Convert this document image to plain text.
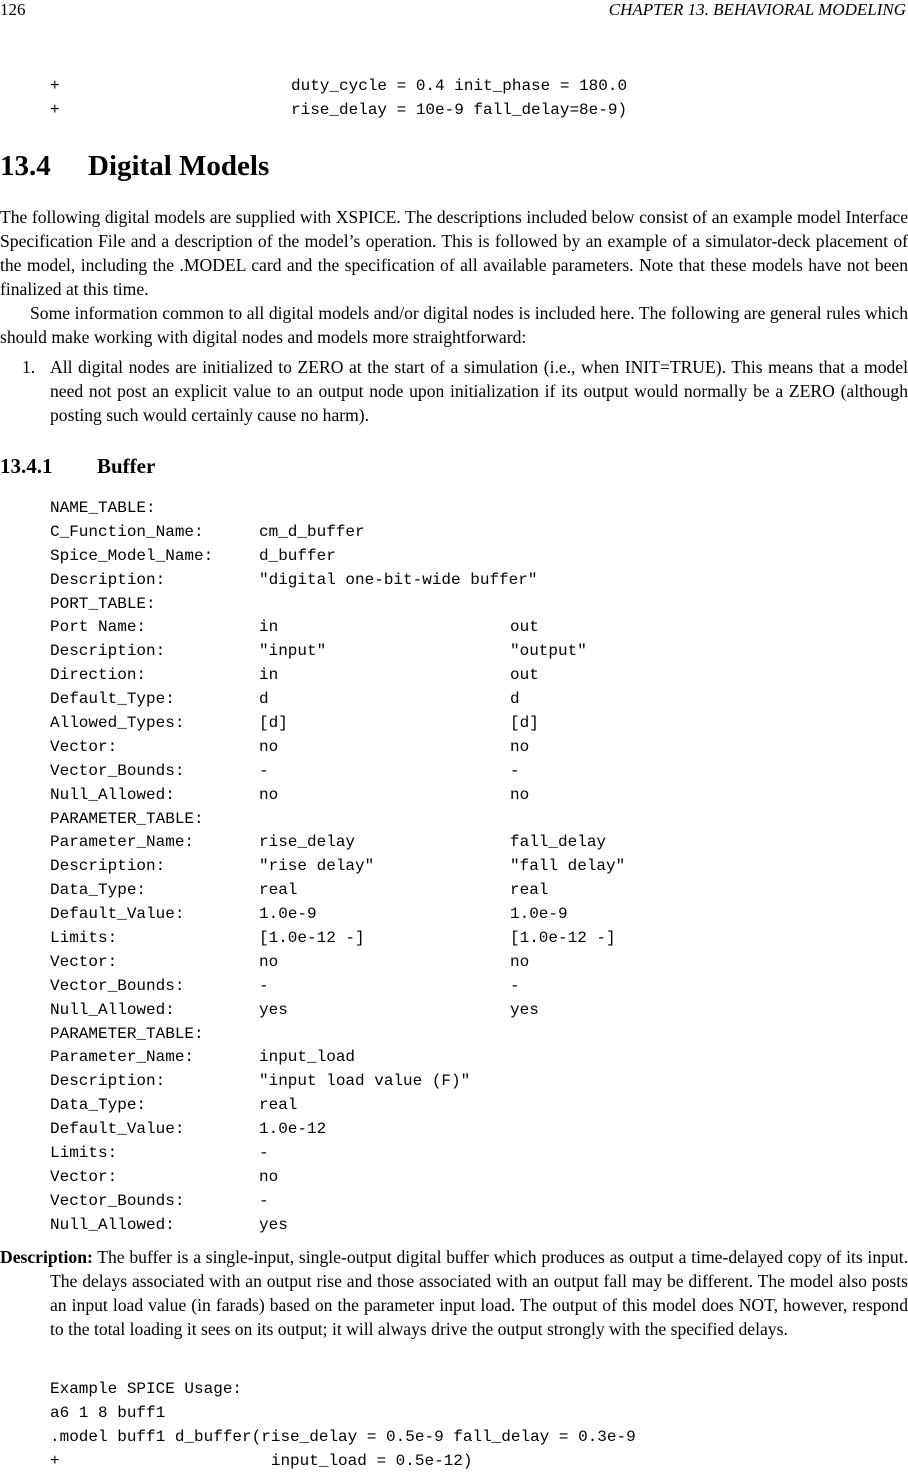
126	CHAPTER 13. BEHAVIORAL MODELING
+	duty_cycle = 0.4 init_phase = 180.0
+	rise_delay = 10e-9 fall_delay=8e-9)
13.4 Digital Models
The following digital models are supplied with XSPICE. The descriptions included below consist of an example model Interface Specification File and a description of the model’s operation. This is followed by an example of a simulator-deck placement of the model, including the .MODEL card and the specification of all available parameters. Note that these models have not been finalized at this time.
Some information common to all digital models and/or digital nodes is included here. The following are general rules which should make working with digital nodes and models more straightforward:
1. All digital nodes are initialized to ZERO at the start of a simulation (i.e., when INIT=TRUE). This means that a model need not post an explicit value to an output node upon initialization if its output would normally be a ZERO (although posting such would certainly cause no harm).
13.4.1 Buffer
NAME_TABLE:
C_Function_Name:	cm_d_buffer
Spice_Model_Name:	d_buffer
Description:	"digital one-bit-wide buffer"
PORT_TABLE:
Port Name:	in	out
Description:	"input"	"output"
Direction:	in	out
Default_Type:	d	d
Allowed_Types:	[d]	[d]
Vector:	no	no
Vector_Bounds:	-	-
Null_Allowed:	no	no
PARAMETER_TABLE:
Parameter_Name:	rise_delay	fall_delay
Description:	"rise delay"	"fall delay"
Data_Type:	real	real
Default_Value:	1.0e-9	1.0e-9
Limits:	[1.0e-12 -]	[1.0e-12 -]
Vector:	no	no
Vector_Bounds:	-	-
Null_Allowed:	yes	yes
PARAMETER_TABLE:
Parameter_Name:	input_load
Description:	"input load value (F)"
Data_Type:	real
Default_Value:	1.0e-12
Limits:	-
Vector:	no
Vector_Bounds:	-
Null_Allowed:	yes
Description: The buffer is a single-input, single-output digital buffer which produces as output a time-delayed copy of its input. The delays associated with an output rise and those associated with an output fall may be different. The model also posts an input load value (in farads) based on the parameter input load. The output of this model does NOT, however, respond to the total loading it sees on its output; it will always drive the output strongly with the specified delays.
Example SPICE Usage:
a6 1 8 buff1
.model buff1 d_buffer(rise_delay = 0.5e-9 fall_delay = 0.3e-9
+                      input_load = 0.5e-12)
